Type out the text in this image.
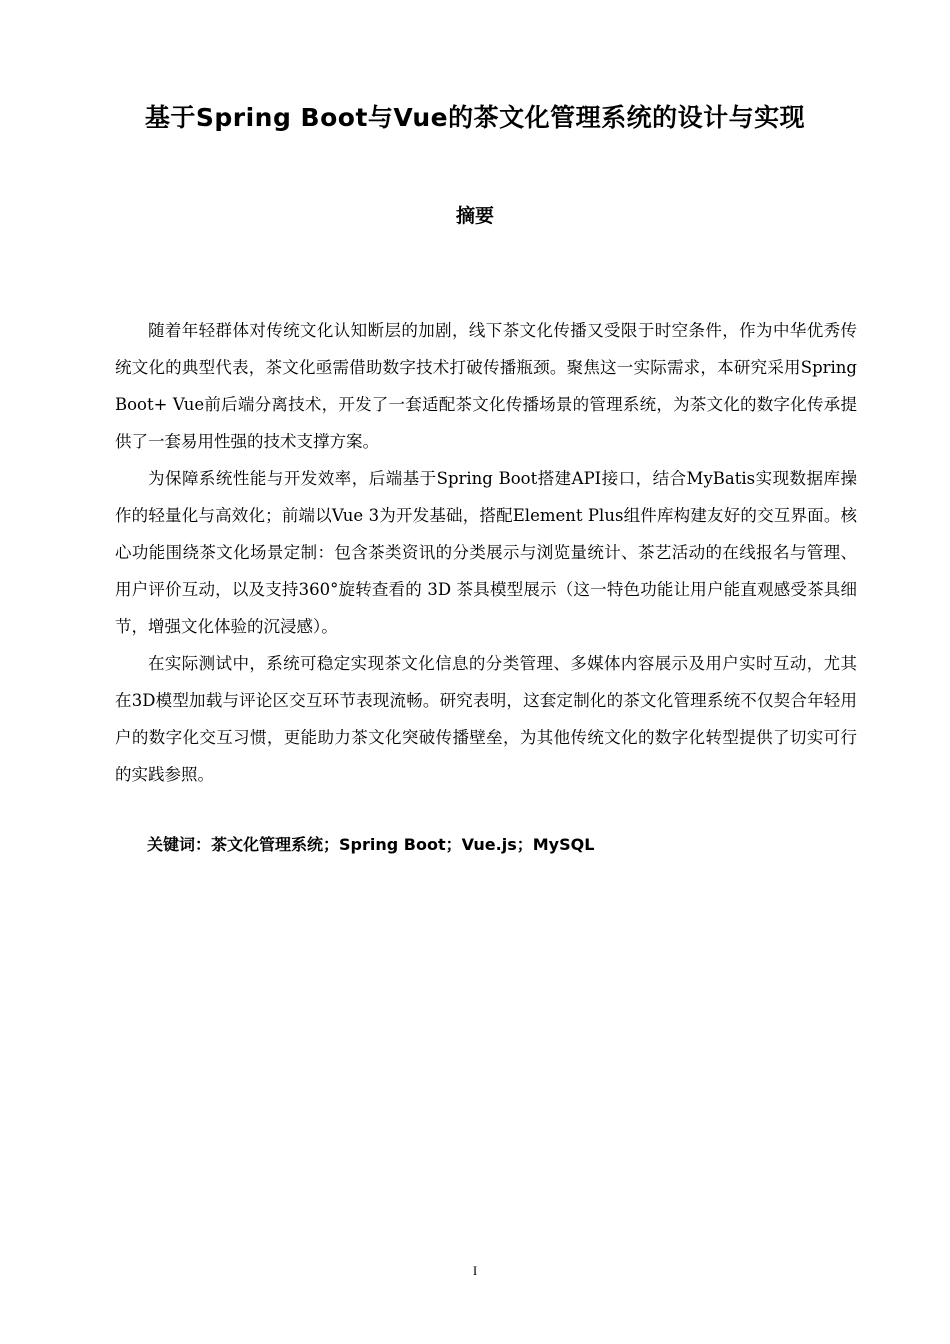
基于Spring Boot与Vue的茶文化管理系统的设计与实现
摘要

随着年轻群体对传统文化认知断层的加剧，线下茶文化传播又受限于时空条件，作为中华优秀传统文化的典型代表，茶文化亟需借助数字技术打破传播瓶颈。聚焦这一实际需求，本研究采用Spring Boot+ Vue前后端分离技术，开发了一套适配茶文化传播场景的管理系统，为茶文化的数字化传承提供了一套易用性强的技术支撑方案。

为保障系统性能与开发效率，后端基于Spring Boot搭建API接口，结合MyBatis实现数据库操作的轻量化与高效化；前端以Vue 3为开发基础，搭配Element Plus组件库构建友好的交互界面。核心功能围绕茶文化场景定制：包含茶类资讯的分类展示与浏览量统计、茶艺活动的在线报名与管理、用户评价互动，以及支持360°旋转查看的 3D 茶具模型展示（这一特色功能让用户能直观感受茶具细节，增强文化体验的沉浸感）。

在实际测试中，系统可稳定实现茶文化信息的分类管理、多媒体内容展示及用户实时互动，尤其在3D模型加载与评论区交互环节表现流畅。研究表明，这套定制化的茶文化管理系统不仅契合年轻用户的数字化交互习惯，更能助力茶文化突破传播壁垒，为其他传统文化的数字化转型提供了切实可行的实践参照。

关键词：茶文化管理系统；Spring Boot；Vue.js；MySQL
I
